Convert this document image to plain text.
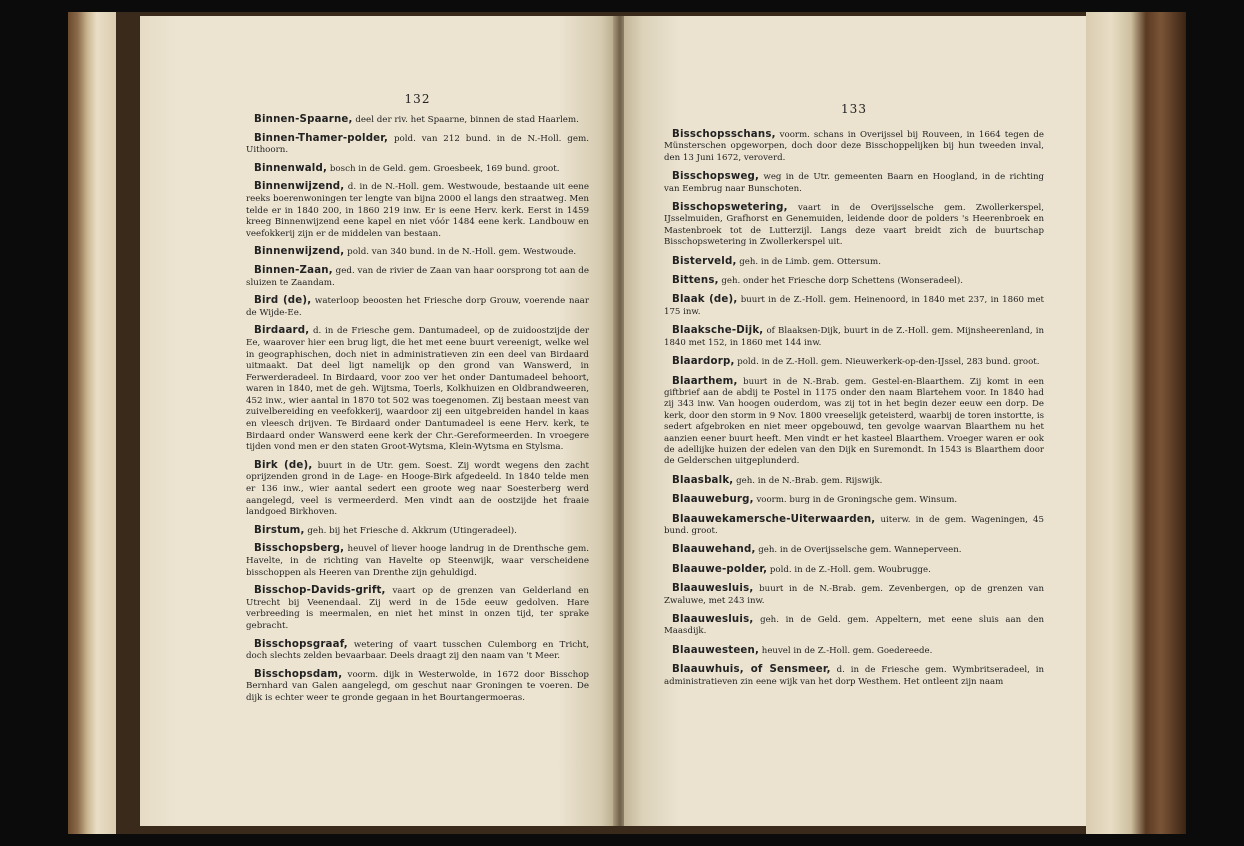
132

Binnen-Spaarne, deel der riv. het Spaarne, binnen de stad Haarlem.

Binnen-Thamer-polder, pold. van 212 bund. in de N.-Holl. gem. Uithoorn.

Binnenwald, bosch in de Geld. gem. Groesbeek, 169 bund. groot.

Binnenwijzend, d. in de N.-Holl. gem. Westwoude, bestaande uit eene reeks boerenwoningen ter lengte van bijna 2000 el langs den straatweg. Men telde er in 1840 200, in 1860 219 inw. Er is eene Herv. kerk. Eerst in 1459 kreeg Binnenwijzend eene kapel en niet vóór 1484 eene kerk. Landbouw en veefokkerij zijn er de middelen van bestaan.

Binnenwijzend, pold. van 340 bund. in de N.-Holl. gem. Westwoude.

Binnen-Zaan, ged. van de rivier de Zaan van haar oorsprong tot aan de sluizen te Zaandam.

Bird (de), waterloop beoosten het Friesche dorp Grouw, voerende naar de Wijde-Ee.

Birdaard, d. in de Friesche gem. Dantumadeel, op de zuidoostzijde der Ee, waarover hier een brug ligt, die het met eene buurt vereenigt, welke wel in geographischen, doch niet in administratieven zin een deel van Birdaard uitmaakt. Dat deel ligt namelijk op den grond van Wanswerd, in Ferwerderadeel. In Birdaard, voor zoo ver het onder Dantumadeel behoort, waren in 1840, met de geh. Wijtsma, Toerls, Kolkhuizen en Oldbrandweeren, 452 inw., wier aantal in 1870 tot 502 was toegenomen. Zij bestaan meest van zuivelbereiding en veefokkerij, waardoor zij een uitgebreiden handel in kaas en vleesch drijven. Te Birdaard onder Dantumadeel is eene Herv. kerk, te Birdaard onder Wanswerd eene kerk der Chr.-Gereformeerden. In vroegere tijden vond men er den staten Groot-Wytsma, Klein-Wytsma en Stylsma.

Birk (de), buurt in de Utr. gem. Soest. Zij wordt wegens den zacht oprijzenden grond in de Lage- en Hooge-Birk afgedeeld. In 1840 telde men er 136 inw., wier aantal sedert een groote weg naar Soesterberg werd aangelegd, veel is vermeerderd. Men vindt aan de oostzijde het fraaie landgoed Birkhoven.

Birstum, geh. bij het Friesche d. Akkrum (Utingeradeel).

Bisschopsberg, heuvel of liever hooge landrug in de Drenthsche gem. Havelte, in de richting van Havelte op Steenwijk, waar verscheidene bisschoppen als Heeren van Drenthe zijn gehuldigd.

Bisschop-Davids-grift, vaart op de grenzen van Gelderland en Utrecht bij Veenendaal. Zij werd in de 15de eeuw gedolven. Hare verbreeding is meermalen, en niet het minst in onzen tijd, ter sprake gebracht.

Bisschopsgraaf, wetering of vaart tusschen Culemborg en Tricht, doch slechts zelden bevaarbaar. Deels draagt zij den naam van 't Meer.

Bisschopsdam, voorm. dijk in Westerwolde, in 1672 door Bisschop Bernhard van Galen aangelegd, om geschut naar Groningen te voeren. De dijk is echter weer te gronde gegaan in het Bourtangermoeras.

133

Bisschopsschans, voorm. schans in Overijssel bij Rouveen, in 1664 tegen de Münsterschen opgeworpen, doch door deze Bisschoppelijken bij hun tweeden inval, den 13 Juni 1672, veroverd.

Bisschopsweg, weg in de Utr. gemeenten Baarn en Hoogland, in de richting van Eembrug naar Bunschoten.

Bisschopswetering, vaart in de Overijsselsche gem. Zwollerkerspel, IJsselmuiden, Grafhorst en Genemuiden, leidende door de polders 's Heerenbroek en Mastenbroek tot de Lutterzijl. Langs deze vaart breidt zich de buurtschap Bisschopswetering in Zwollerkerspel uit.

Bisterveld, geh. in de Limb. gem. Ottersum.

Bittens, geh. onder het Friesche dorp Schettens (Wonseradeel).

Blaak (de), buurt in de Z.-Holl. gem. Heinenoord, in 1840 met 237, in 1860 met 175 inw.

Blaaksche-Dijk, of Blaaksen-Dijk, buurt in de Z.-Holl. gem. Mijnsheerenland, in 1840 met 152, in 1860 met 144 inw.

Blaardorp, pold. in de Z.-Holl. gem. Nieuwerkerk-op-den-IJssel, 283 bund. groot.

Blaarthem, buurt in de N.-Brab. gem. Gestel-en-Blaarthem. Zij komt in een giftbrief aan de abdij te Postel in 1175 onder den naam Blartehem voor. In 1840 had zij 343 inw. Van hoogen ouderdom, was zij tot in het begin dezer eeuw een dorp. De kerk, door den storm in 9 Nov. 1800 vreeselijk geteisterd, waarbij de toren instortte, is sedert afgebroken en niet meer opgebouwd, ten gevolge waarvan Blaarthem nu het aanzien eener buurt heeft. Men vindt er het kasteel Blaarthem. Vroeger waren er ook de adellijke huizen der edelen van den Dijk en Suremondt. In 1543 is Blaarthem door de Gelderschen uitgeplunderd.

Blaasbalk, geh. in de N.-Brab. gem. Rijswijk.

Blaauweburg, voorm. burg in de Groningsche gem. Winsum.

Blaauwekamersche-Uiterwaarden, uiterw. in de gem. Wageningen, 45 bund. groot.

Blaauwehand, geh. in de Overijsselsche gem. Wanneperveen.

Blaauwe-polder, pold. in de Z.-Holl. gem. Woubrugge.

Blaauwesluis, buurt in de N.-Brab. gem. Zevenbergen, op de grenzen van Zwaluwe, met 243 inw.

Blaauwesluis, geh. in de Geld. gem. Appeltern, met eene sluis aan den Maasdijk.

Blaauwesteen, heuvel in de Z.-Holl. gem. Goedereede.

Blaauwhuis, of Sensmeer, d. in de Friesche gem. Wymbritseradeel, in administratieven zin eene wijk van het dorp Westhem. Het ontleent zijn naam
